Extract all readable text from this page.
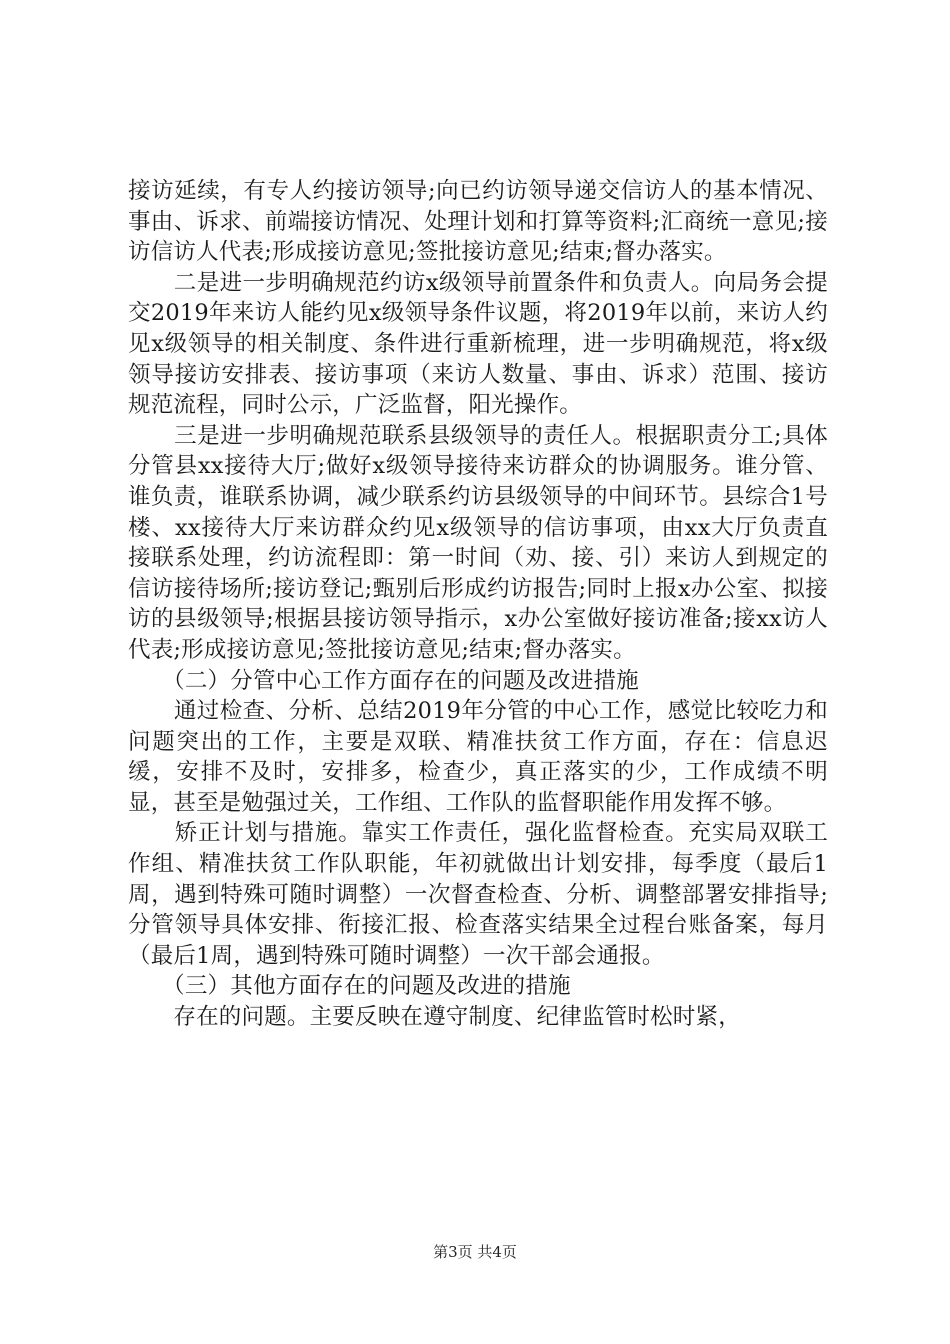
接访延续，有专人约接访领导;向已约访领导递交信访人的基本情况、事由、诉求、前端接访情况、处理计划和打算等资料;汇商统一意见;接访信访人代表;形成接访意见;签批接访意见;结束;督办落实。

　　二是进一步明确规范约访x级领导前置条件和负责人。向局务会提交2019年来访人能约见x级领导条件议题，将2019年以前，来访人约见x级领导的相关制度、条件进行重新梳理，进一步明确规范，将x级领导接访安排表、接访事项（来访人数量、事由、诉求）范围、接访规范流程，同时公示，广泛监督，阳光操作。

　　三是进一步明确规范联系县级领导的责任人。根据职责分工;具体分管县xx接待大厅;做好x级领导接待来访群众的协调服务。谁分管、谁负责，谁联系协调，减少联系约访县级领导的中间环节。县综合1号楼、xx接待大厅来访群众约见x级领导的信访事项，由xx大厅负责直接联系处理，约访流程即：第一时间（劝、接、引）来访人到规定的信访接待场所;接访登记;甄别后形成约访报告;同时上报x办公室、拟接访的县级领导;根据县接访领导指示，x办公室做好接访准备;接xx访人代表;形成接访意见;签批接访意见;结束;督办落实。

　　（二）分管中心工作方面存在的问题及改进措施

　　通过检查、分析、总结2019年分管的中心工作，感觉比较吃力和问题突出的工作，主要是双联、精准扶贫工作方面，存在：信息迟缓，安排不及时，安排多，检查少，真正落实的少，工作成绩不明显，甚至是勉强过关，工作组、工作队的监督职能作用发挥不够。

　　矫正计划与措施。靠实工作责任，强化监督检查。充实局双联工作组、精准扶贫工作队职能，年初就做出计划安排，每季度（最后1周，遇到特殊可随时调整）一次督查检查、分析、调整部署安排指导;分管领导具体安排、衔接汇报、检查落实结果全过程台账备案，每月（最后1周，遇到特殊可随时调整）一次干部会通报。

　　（三）其他方面存在的问题及改进的措施

　　存在的问题。主要反映在遵守制度、纪律监管时松时紧，

第3页 共4页
